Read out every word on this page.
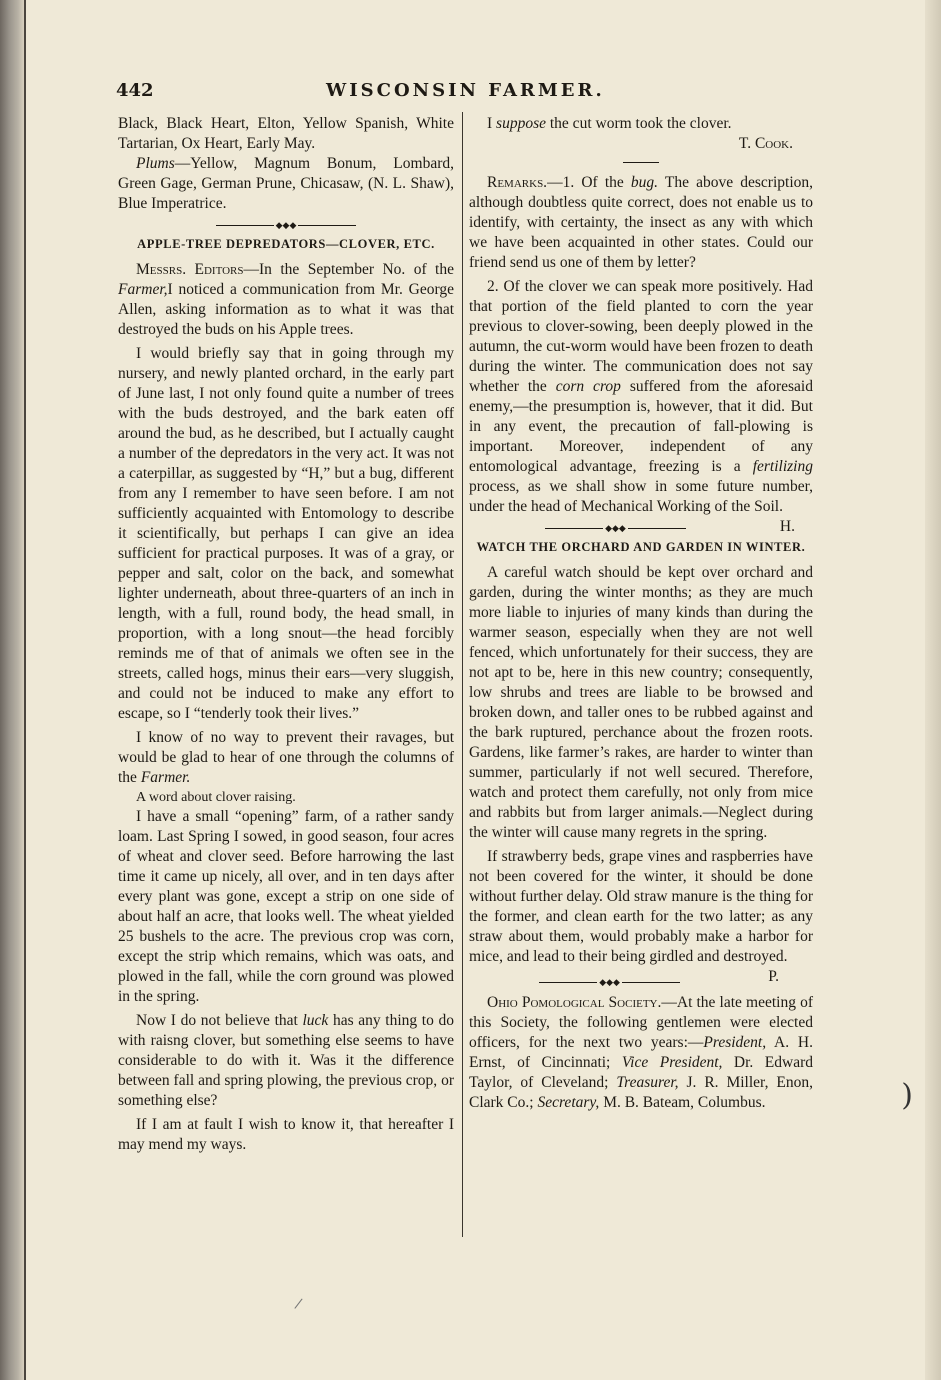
)
/
442	WISCONSIN FARMER.

Black, Black Heart, Elton, Yellow Spanish, White Tartarian, Ox Heart, Early May.

Plums—Yellow, Magnum Bonum, Lombard, Green Gage, German Prune, Chicasaw, (N. L. Shaw), Blue Imperatrice.

◆◆◆

APPLE-TREE DEPREDATORS—CLOVER, ETC.

Messrs. Editors—In the September No. of the Farmer,I noticed a communication from Mr. George Allen, asking information as to what it was that destroyed the buds on his Apple trees.

I would briefly say that in going through my nursery, and newly planted orchard, in the early part of June last, I not only found quite a number of trees with the buds destroyed, and the bark eaten off around the bud, as he described, but I actually caught a number of the depredators in the very act. It was not a caterpillar, as suggested by “H,” but a bug, different from any I remember to have seen before. I am not sufficiently acquainted with Entomology to describe it scientifically, but perhaps I can give an idea sufficient for practical purposes. It was of a gray, or pepper and salt, color on the back, and somewhat lighter underneath, about three-quarters of an inch in length, with a full, round body, the head small, in proportion, with a long snout—the head forcibly reminds me of that of animals we often see in the streets, called hogs, minus their ears—very sluggish, and could not be induced to make any effort to escape, so I “tenderly took their lives.”

I know of no way to prevent their ravages, but would be glad to hear of one through the columns of the Farmer.

A word about clover raising.

I have a small “opening” farm, of a rather sandy loam. Last Spring I sowed, in good season, four acres of wheat and clover seed. Before harrowing the last time it came up nicely, all over, and in ten days after every plant was gone, except a strip on one side of about half an acre, that looks well. The wheat yielded 25 bushels to the acre. The previous crop was corn, except the strip which remains, which was oats, and plowed in the fall, while the corn ground was plowed in the spring.

Now I do not believe that luck has any thing to do with raisng clover, but something else seems to have considerable to do with it. Was it the difference between fall and spring plowing, the previous crop, or something else?

If I am at fault I wish to know it, that hereafter I may mend my ways.

I suppose the cut worm took the clover.

T. Cook.

Remarks.—1. Of the bug. The above description, although doubtless quite correct, does not enable us to identify, with certainty, the insect as any with which we have been acquainted in other states. Could our friend send us one of them by letter?

2. Of the clover we can speak more positively. Had that portion of the field planted to corn the year previous to clover-sowing, been deeply plowed in the autumn, the cut-worm would have been frozen to death during the winter. The communication does not say whether the corn crop suffered from the aforesaid enemy,—the presumption is, however, that it did. But in any event, the precaution of fall-plowing is important. Moreover, independent of any entomological advantage, freezing is a fertilizing process, as we shall show in some future number, under the head of Mechanical Working of the Soil.
H.

◆◆◆

WATCH THE ORCHARD AND GARDEN IN WINTER.

A careful watch should be kept over orchard and garden, during the winter months; as they are much more liable to injuries of many kinds than during the warmer season, especially when they are not well fenced, which unfortunately for their success, they are not apt to be, here in this new country; consequently, low shrubs and trees are liable to be browsed and broken down, and taller ones to be rubbed against and the bark ruptured, perchance about the frozen roots. Gardens, like farmer’s rakes, are harder to winter than summer, particularly if not well secured. Therefore, watch and protect them carefully, not only from mice and rabbits but from larger animals.—Neglect during the winter will cause many regrets in the spring.

If strawberry beds, grape vines and raspberries have not been covered for the winter, it should be done without further delay. Old straw manure is the thing for the former, and clean earth for the two latter; as any straw about them, would probably make a harbor for mice, and lead to their being girdled and destroyed.
P.

◆◆◆

Ohio Pomological Society.—At the late meeting of this Society, the following gentlemen were elected officers, for the next two years:—President, A. H. Ernst, of Cincinnati; Vice President, Dr. Edward Taylor, of Cleveland; Treasurer, J. R. Miller, Enon, Clark Co.; Secretary, M. B. Bateam, Columbus.
